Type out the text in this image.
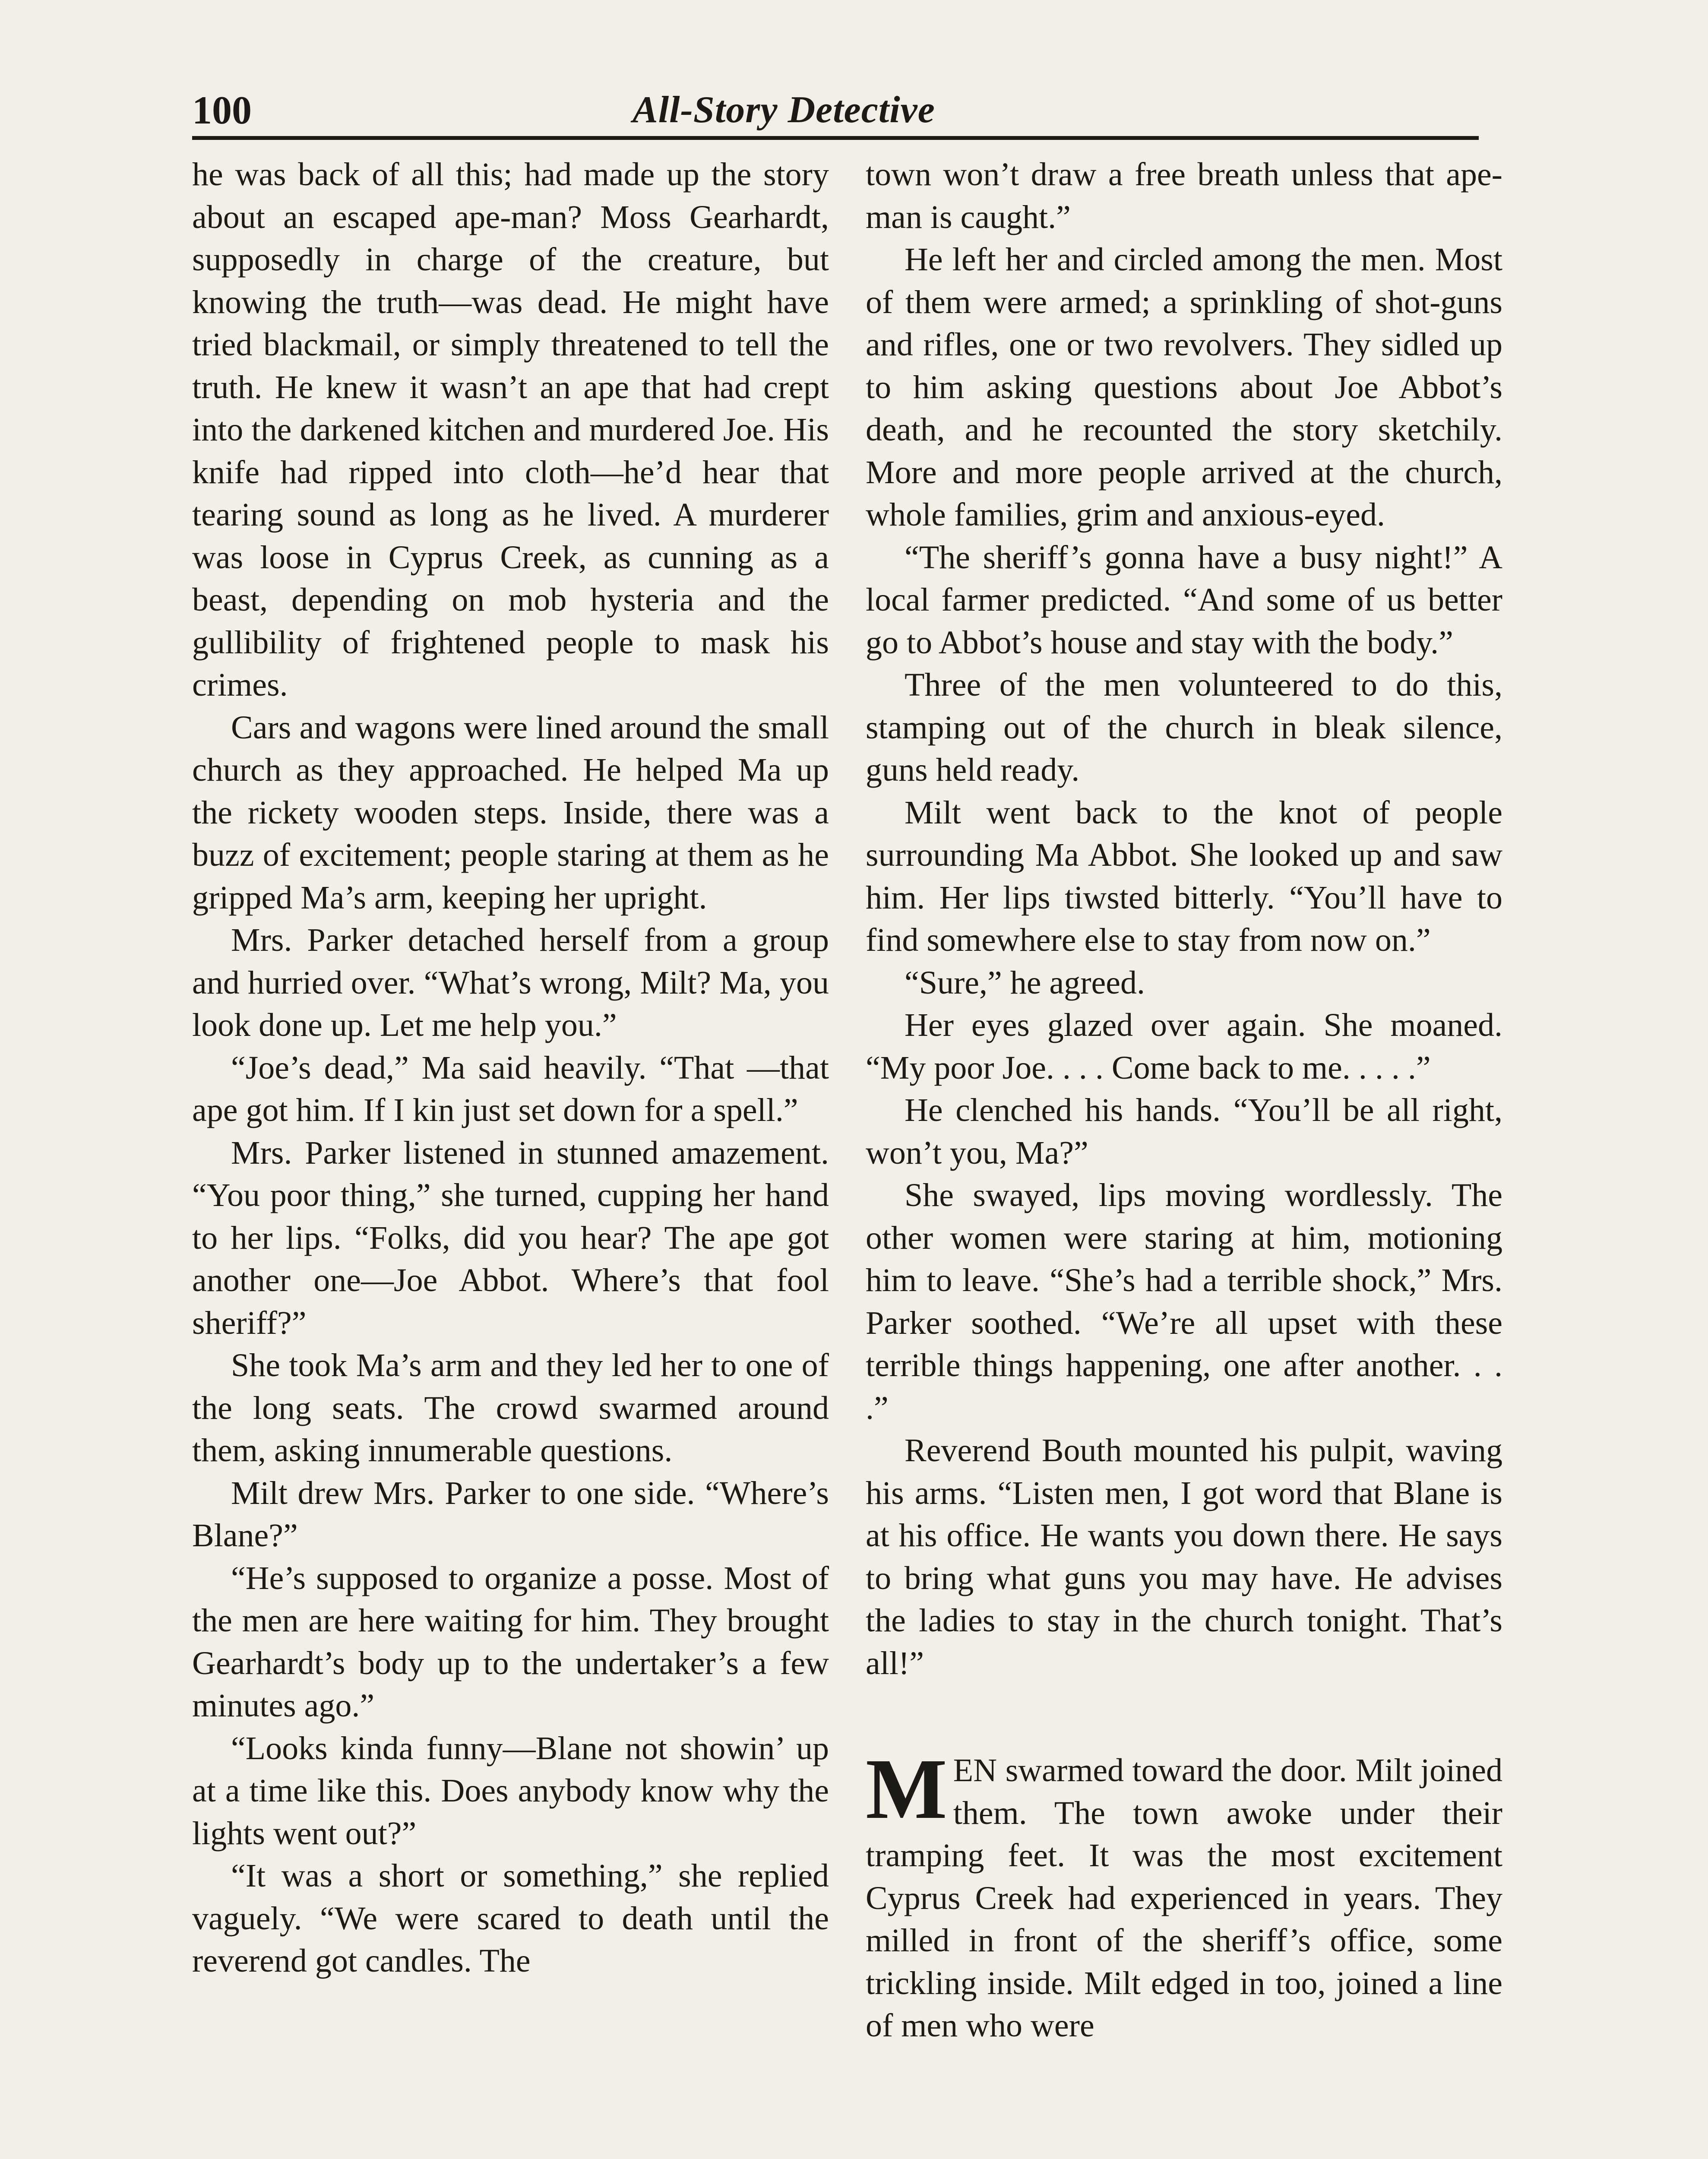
100	All-Story Detective

he was back of all this; had made up the story about an escaped ape-man? Moss Gearhardt, supposedly in charge of the creature, but knowing the truth—was dead. He might have tried blackmail, or simply threatened to tell the truth. He knew it wasn’t an ape that had crept into the darkened kitchen and murdered Joe. His knife had ripped into cloth—he’d hear that tearing sound as long as he lived. A murderer was loose in Cyprus Creek, as cunning as a beast, depending on mob hysteria and the gullibility of frightened people to mask his crimes.

Cars and wagons were lined around the small church as they approached. He helped Ma up the rickety wooden steps. Inside, there was a buzz of excitement; people staring at them as he gripped Ma’s arm, keeping her upright.

Mrs. Parker detached herself from a group and hurried over. “What’s wrong, Milt? Ma, you look done up. Let me help you.”

“Joe’s dead,” Ma said heavily. “That —that ape got him. If I kin just set down for a spell.”

Mrs. Parker listened in stunned amazement. “You poor thing,” she turned, cupping her hand to her lips. “Folks, did you hear? The ape got another one—Joe Abbot. Where’s that fool sheriff?”

She took Ma’s arm and they led her to one of the long seats. The crowd swarmed around them, asking innumerable questions.

Milt drew Mrs. Parker to one side. “Where’s Blane?”

“He’s supposed to organize a posse. Most of the men are here waiting for him. They brought Gearhardt’s body up to the undertaker’s a few minutes ago.”

“Looks kinda funny—Blane not showin’ up at a time like this. Does anybody know why the lights went out?”

“It was a short or something,” she replied vaguely. “We were scared to death until the reverend got candles. The

town won’t draw a free breath unless that ape-man is caught.”

He left her and circled among the men. Most of them were armed; a sprinkling of shot-guns and rifles, one or two revolvers. They sidled up to him asking questions about Joe Abbot’s death, and he recounted the story sketchily. More and more people arrived at the church, whole families, grim and anxious-eyed.

“The sheriff’s gonna have a busy night!” A local farmer predicted. “And some of us better go to Abbot’s house and stay with the body.”

Three of the men volunteered to do this, stamping out of the church in bleak silence, guns held ready.

Milt went back to the knot of people surrounding Ma Abbot. She looked up and saw him. Her lips tiwsted bitterly. “You’ll have to find somewhere else to stay from now on.”

“Sure,” he agreed.

Her eyes glazed over again. She moaned. “My poor Joe. . . . Come back to me. . . . .”

He clenched his hands. “You’ll be all right, won’t you, Ma?”

She swayed, lips moving wordlessly. The other women were staring at him, motioning him to leave. “She’s had a terrible shock,” Mrs. Parker soothed. “We’re all upset with these terrible things happening, one after another. . . .”

Reverend Bouth mounted his pulpit, waving his arms. “Listen men, I got word that Blane is at his office. He wants you down there. He says to bring what guns you may have. He advises the ladies to stay in the church tonight. That’s all!”

MEN swarmed toward the door. Milt joined them. The town awoke under their tramping feet. It was the most excitement Cyprus Creek had experienced in years. They milled in front of the sheriff’s office, some trickling inside. Milt edged in too, joined a line of men who were
